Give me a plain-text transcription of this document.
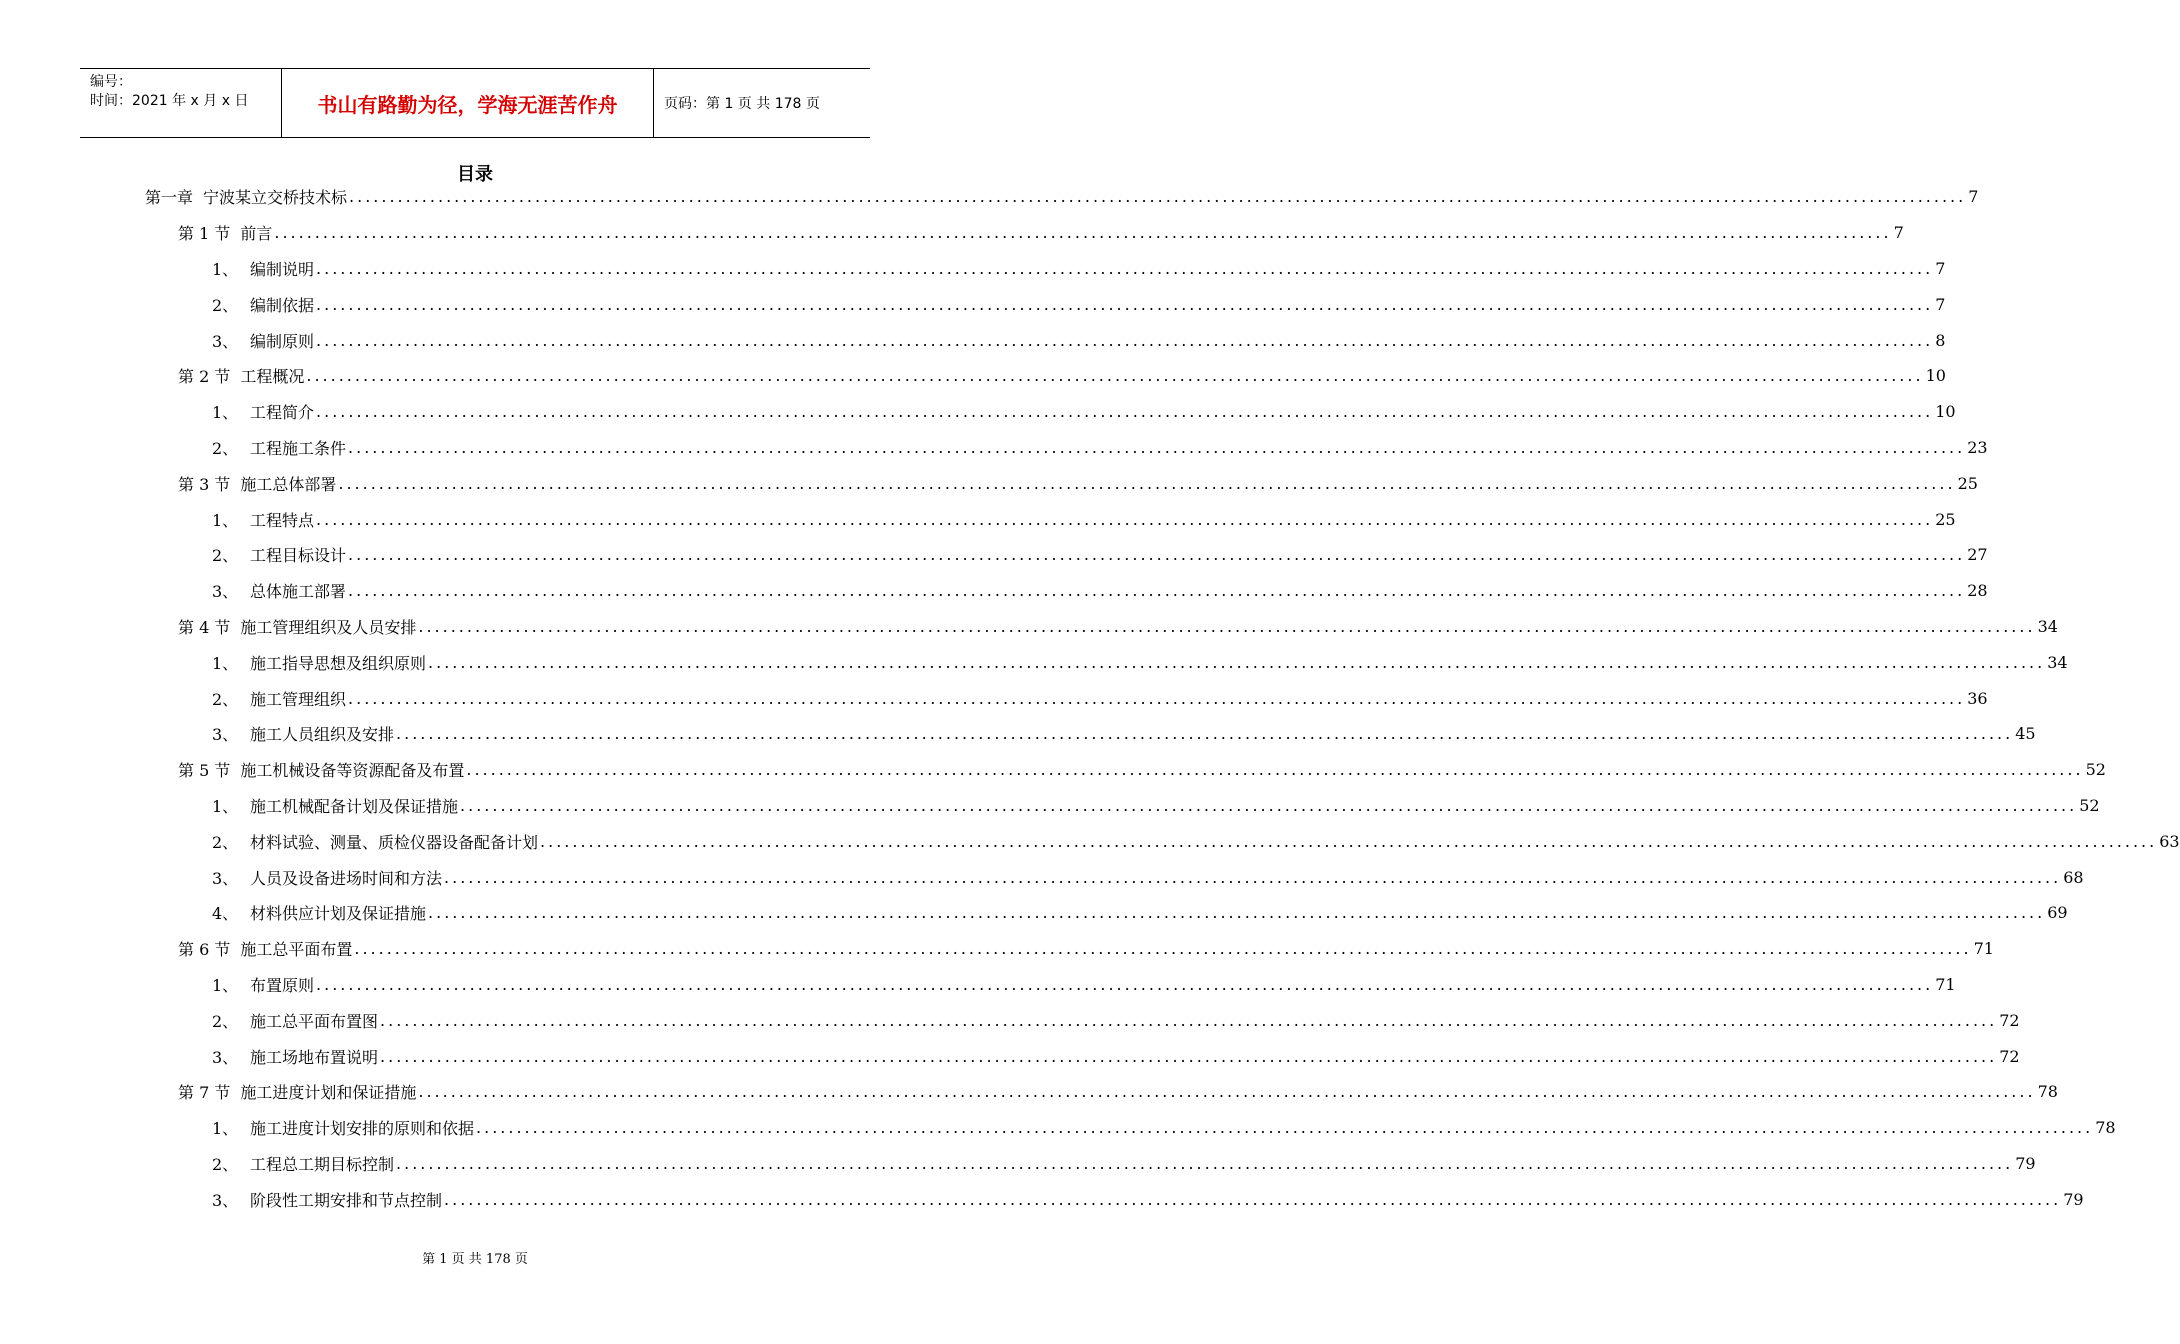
编号：
时间：2021 年 x 月 x 日	书山有路勤为径，学海无涯苦作舟	页码：第 1 页 共 178 页
目录
第一章 宁波某立交桥技术标 ........................................................................................................................................................................................................ 7
第 1 节 前言 ........................................................................................................................................................................................................ 7
1、 编制说明 ........................................................................................................................................................................................................ 7
2、 编制依据 ........................................................................................................................................................................................................ 7
3、 编制原则 ........................................................................................................................................................................................................ 8
第 2 节 工程概况 ........................................................................................................................................................................................................ 10
1、 工程简介 ........................................................................................................................................................................................................ 10
2、 工程施工条件 ........................................................................................................................................................................................................ 23
第 3 节 施工总体部署 ........................................................................................................................................................................................................ 25
1、 工程特点 ........................................................................................................................................................................................................ 25
2、 工程目标设计 ........................................................................................................................................................................................................ 27
3、 总体施工部署 ........................................................................................................................................................................................................ 28
第 4 节 施工管理组织及人员安排 ........................................................................................................................................................................................................ 34
1、 施工指导思想及组织原则 ........................................................................................................................................................................................................ 34
2、 施工管理组织 ........................................................................................................................................................................................................ 36
3、 施工人员组织及安排 ........................................................................................................................................................................................................ 45
第 5 节 施工机械设备等资源配备及布置 ........................................................................................................................................................................................................ 52
1、 施工机械配备计划及保证措施 ........................................................................................................................................................................................................ 52
2、 材料试验、测量、质检仪器设备配备计划 ........................................................................................................................................................................................................ 63
3、 人员及设备进场时间和方法 ........................................................................................................................................................................................................ 68
4、 材料供应计划及保证措施 ........................................................................................................................................................................................................ 69
第 6 节 施工总平面布置 ........................................................................................................................................................................................................ 71
1、 布置原则 ........................................................................................................................................................................................................ 71
2、 施工总平面布置图 ........................................................................................................................................................................................................ 72
3、 施工场地布置说明 ........................................................................................................................................................................................................ 72
第 7 节 施工进度计划和保证措施 ........................................................................................................................................................................................................ 78
1、 施工进度计划安排的原则和依据 ........................................................................................................................................................................................................ 78
2、 工程总工期目标控制 ........................................................................................................................................................................................................ 79
3、 阶段性工期安排和节点控制 ........................................................................................................................................................................................................ 79
第 1 页 共 178 页
